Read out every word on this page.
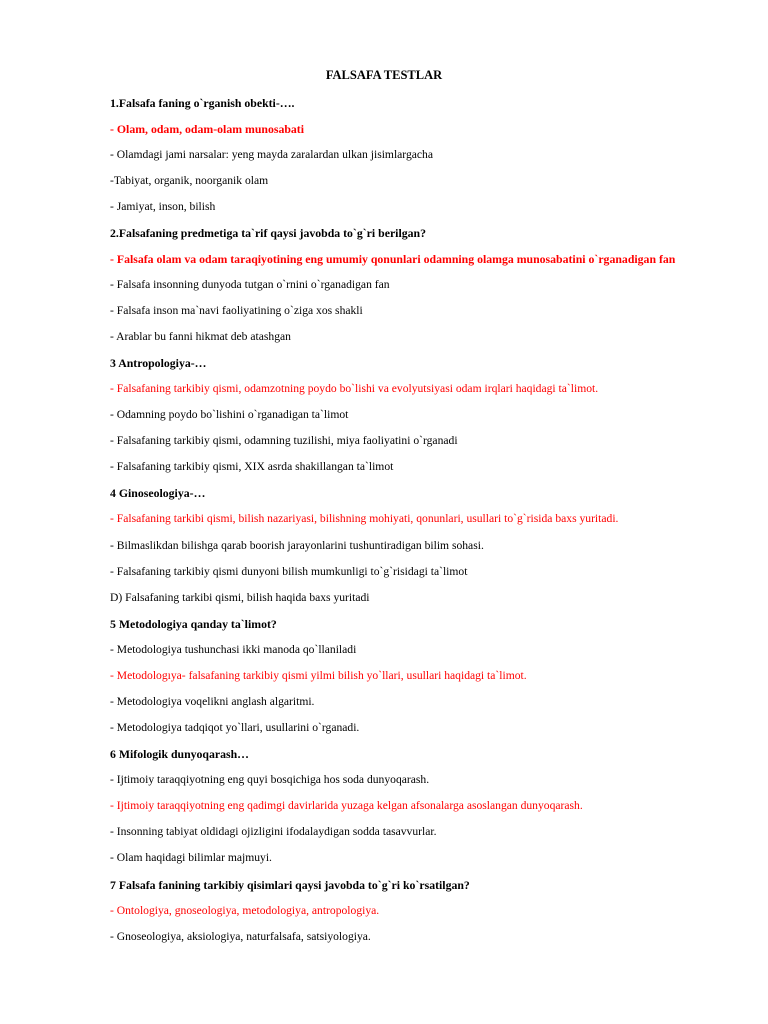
FALSAFA TESTLAR
1.Falsafa faning o`rganish obekti-….
- Olam, odam, odam-olam munosabati
- Olamdagi jami narsalar: yeng mayda zaralardan ulkan jisimlargacha
-Tabiyat, organik, noorganik olam
- Jamiyat, inson, bilish
2.Falsafaning predmetiga ta`rif qaysi javobda to`g`ri berilgan?
- Falsafa olam va odam taraqiyotining eng umumiy qonunlari odamning olamga munosabatini o`rganadigan fan
- Falsafa insonning dunyoda tutgan o`rnini o`rganadigan fan
- Falsafa inson ma`navi faoliyatining o`ziga xos shakli
- Arablar bu fanni hikmat deb atashgan
3 Antropologiya-…
- Falsafaning tarkibiy qismi, odamzotning poydo bo`lishi va evolyutsiyasi odam irqlari haqidagi ta`limot.
- Odamning poydo bo`lishini o`rganadigan ta`limot
- Falsafaning tarkibiy qismi, odamning tuzilishi, miya faoliyatini o`rganadi
- Falsafaning tarkibiy qismi, XIX asrda shakillangan ta`limot
4 Ginoseologiya-…
- Falsafaning tarkibi qismi, bilish nazariyasi, bilishning mohiyati, qonunlari, usullari to`g`risida baxs yuritadi.
- Bilmaslikdan bilishga qarab boorish jarayonlarini tushuntiradigan bilim sohasi.
- Falsafaning tarkibiy qismi dunyoni bilish mumkunligi to`g`risidagi ta`limot
D) Falsafaning tarkibi qismi, bilish haqida baxs yuritadi
5 Metodologiya qanday ta`limot?
- Metodologiya tushunchasi ikki manoda qo`llaniladi
- Metodologıya- falsafaning tarkibiy qismi yilmi bilish yo`llari, usullari haqidagi ta`limot.
- Metodologiya voqelikni anglash algaritmi.
- Metodologiya tadqiqot yo`llari, usullarini o`rganadi.
6 Mifologik dunyoqarash…
- Ijtimoiy taraqqiyotning eng quyi bosqichiga hos soda dunyoqarash.
- Ijtimoiy taraqqiyotning eng qadimgi davirlarida yuzaga kelgan afsonalarga asoslangan dunyoqarash.
- Insonning tabiyat oldidagi ojizligini ifodalaydigan sodda tasavvurlar.
- Olam haqidagi bilimlar majmuyi.
7 Falsafa fanining tarkibiy qisimlari qaysi javobda to`g`ri ko`rsatilgan?
- Ontologiya, gnoseologiya, metodologiya, antropologiya.
- Gnoseologiya, aksiologiya, naturfalsafa, satsiyologiya.
